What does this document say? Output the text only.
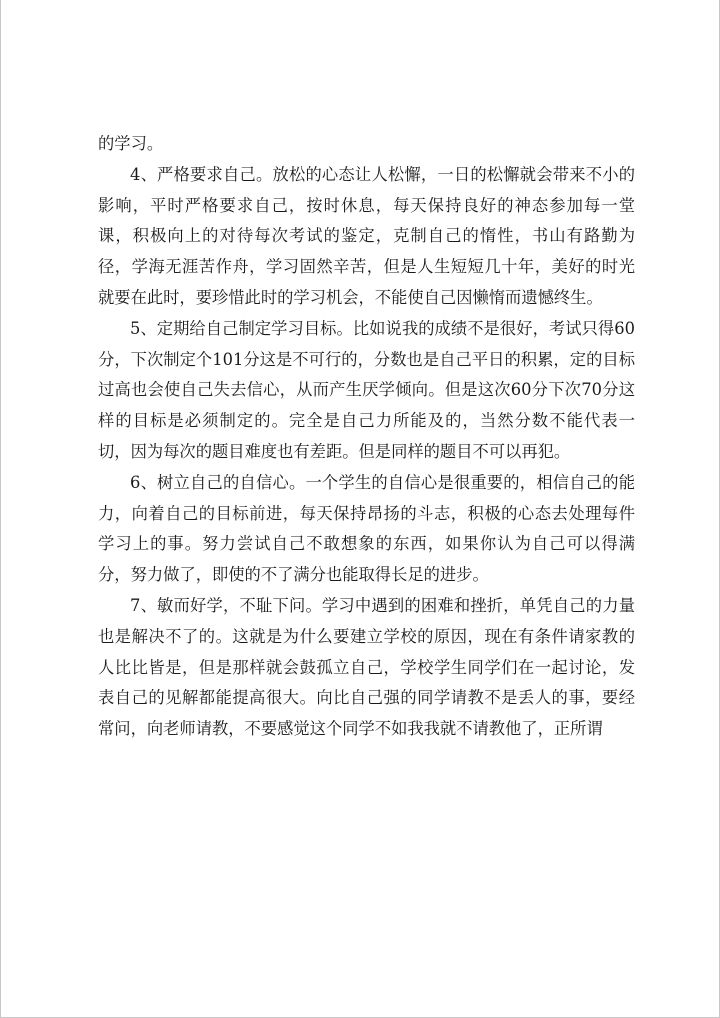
的学习。

4、严格要求自己。放松的心态让人松懈，一日的松懈就会带来不小的影响，平时严格要求自己，按时休息，每天保持良好的神态参加每一堂课，积极向上的对待每次考试的鉴定，克制自己的惰性，书山有路勤为径，学海无涯苦作舟，学习固然辛苦，但是人生短短几十年，美好的时光就要在此时，要珍惜此时的学习机会，不能使自己因懒惰而遗憾终生。

5、定期给自己制定学习目标。比如说我的成绩不是很好，考试只得60分，下次制定个101分这是不可行的，分数也是自己平日的积累，定的目标过高也会使自己失去信心，从而产生厌学倾向。但是这次60分下次70分这样的目标是必须制定的。完全是自己力所能及的，当然分数不能代表一切，因为每次的题目难度也有差距。但是同样的题目不可以再犯。

6、树立自己的自信心。一个学生的自信心是很重要的，相信自己的能力，向着自己的目标前进，每天保持昂扬的斗志，积极的心态去处理每件学习上的事。努力尝试自己不敢想象的东西，如果你认为自己可以得满分，努力做了，即使的不了满分也能取得长足的进步。

7、敏而好学，不耻下问。学习中遇到的困难和挫折，单凭自己的力量也是解决不了的。这就是为什么要建立学校的原因，现在有条件请家教的人比比皆是，但是那样就会鼓孤立自己，学校学生同学们在一起讨论，发表自己的见解都能提高很大。向比自己强的同学请教不是丢人的事，要经常问，向老师请教，不要感觉这个同学不如我我就不请教他了，正所谓
